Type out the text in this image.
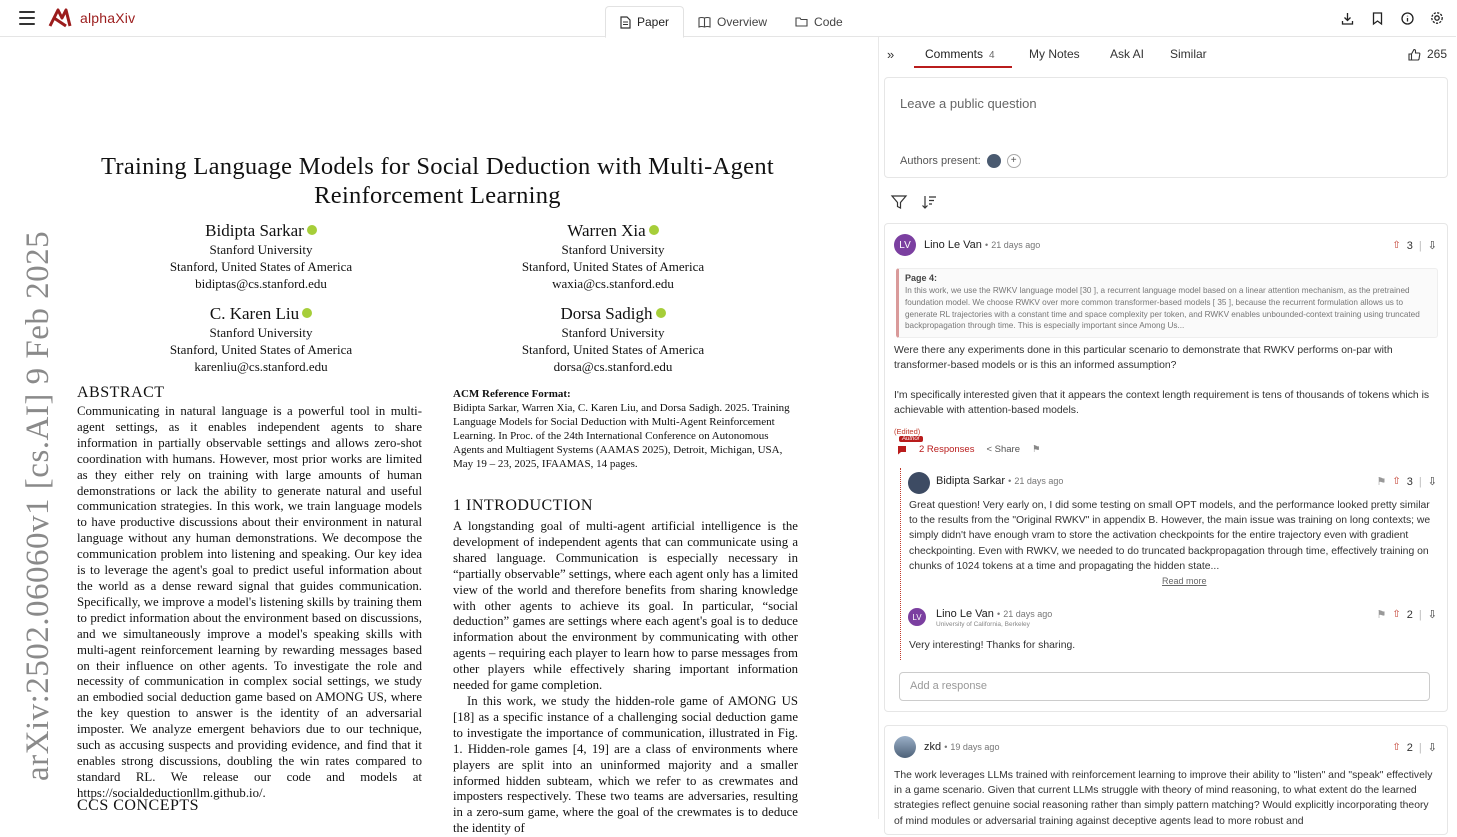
alphaXiv	Paper	Overview	Code
arXiv:2502.06060v1 [cs.AI] 9 Feb 2025
Training Language Models for Social Deduction with Multi-Agent Reinforcement Learning
Bidipta Sarkar
Stanford University
Stanford, United States of America
bidiptas@cs.stanford.edu
Warren Xia
Stanford University
Stanford, United States of America
waxia@cs.stanford.edu
C. Karen Liu
Stanford University
Stanford, United States of America
karenliu@cs.stanford.edu
Dorsa Sadigh
Stanford University
Stanford, United States of America
dorsa@cs.stanford.edu
ABSTRACT
Communicating in natural language is a powerful tool in multi-agent settings, as it enables independent agents to share information in partially observable settings and allows zero-shot coordination with humans. However, most prior works are limited as they either rely on training with large amounts of human demonstrations or lack the ability to generate natural and useful communication strategies. In this work, we train language models to have productive discussions about their environment in natural language without any human demonstrations. We decompose the communication problem into listening and speaking. Our key idea is to leverage the agent's goal to predict useful information about the world as a dense reward signal that guides communication. Specifically, we improve a model's listening skills by training them to predict information about the environment based on discussions, and we simultaneously improve a model's speaking skills with multi-agent reinforcement learning by rewarding messages based on their influence on other agents. To investigate the role and necessity of communication in complex social settings, we study an embodied social deduction game based on AMONG US, where the key question to answer is the identity of an adversarial imposter. We analyze emergent behaviors due to our technique, such as accusing suspects and providing evidence, and find that it enables strong discussions, doubling the win rates compared to standard RL. We release our code and models at https://socialdeductionllm.github.io/.
CCS CONCEPTS
ACM Reference Format:
Bidipta Sarkar, Warren Xia, C. Karen Liu, and Dorsa Sadigh. 2025. Training Language Models for Social Deduction with Multi-Agent Reinforcement Learning. In Proc. of the 24th International Conference on Autonomous Agents and Multiagent Systems (AAMAS 2025), Detroit, Michigan, USA, May 19 – 23, 2025, IFAAMAS, 14 pages.
1 INTRODUCTION

A longstanding goal of multi-agent artificial intelligence is the development of independent agents that can communicate using a shared language. Communication is especially necessary in “partially observable” settings, where each agent only has a limited view of the world and therefore benefits from sharing knowledge with other agents to achieve its goal. In particular, “social deduction” games are settings where each agent's goal is to deduce information about the environment by communicating with other agents – requiring each player to learn how to parse messages from other players while effectively sharing important information needed for game completion.

In this work, we study the hidden-role game of AMONG US [18] as a specific instance of a challenging social deduction game to investigate the importance of communication, illustrated in Fig. 1. Hidden-role games [4, 19] are a class of environments where players are split into an uninformed majority and a smaller informed hidden subteam, which we refer to as crewmates and imposters respectively. These two teams are adversaries, resulting in a zero-sum game, where the goal of the crewmates is to deduce the identity of

»	Comments 4	My Notes	Ask AI Similar	265
Leave a public question
Authors present:	+
LV	Lino Le Van • 21 days ago	⇧ 3 | ⇩
Page 4:
In this work, we use the RWKV language model [30 ], a recurrent language model based on a linear attention mechanism, as the pretrained foundation model. We choose RWKV over more common transformer-based models [ 35 ], because the recurrent formulation allows us to generate RL trajectories with a constant time and space complexity per token, and RWKV enables unbounded-context training using truncated backpropagation through time. This is especially important since Among Us...
Were there any experiments done in this particular scenario to demonstrate that RWKV performs on-par with transformer-based models or is this an informed assumption?
I'm specifically interested given that it appears the context length requirement is tens of thousands of tokens which is achievable with attention-based models.
(Edited)
Author
2 Responses < Share ⚑
Bidipta Sarkar • 21 days ago	⚑ ⇧ 3 | ⇩
Great question! Very early on, I did some testing on small OPT models, and the performance looked pretty similar to the results from the "Original RWKV" in appendix B. However, the main issue was training on long contexts; we simply didn't have enough vram to store the activation checkpoints for the entire trajectory even with gradient checkpointing. Even with RWKV, we needed to do truncated backpropagation through time, effectively training on chunks of 1024 tokens at a time and propagating the hidden state...
Read more
LV	Lino Le Van • 21 days ago
University of California, Berkeley
⚑ ⇧ 2 | ⇩
Very interesting! Thanks for sharing.
Add a response
zkd • 19 days ago	⇧ 2 | ⇩
The work leverages LLMs trained with reinforcement learning to improve their ability to "listen" and "speak" effectively in a game scenario. Given that current LLMs struggle with theory of mind reasoning, to what extent do the learned strategies reflect genuine social reasoning rather than simply pattern matching? Would explicitly incorporating theory of mind modules or adversarial training against deceptive agents lead to more robust and
